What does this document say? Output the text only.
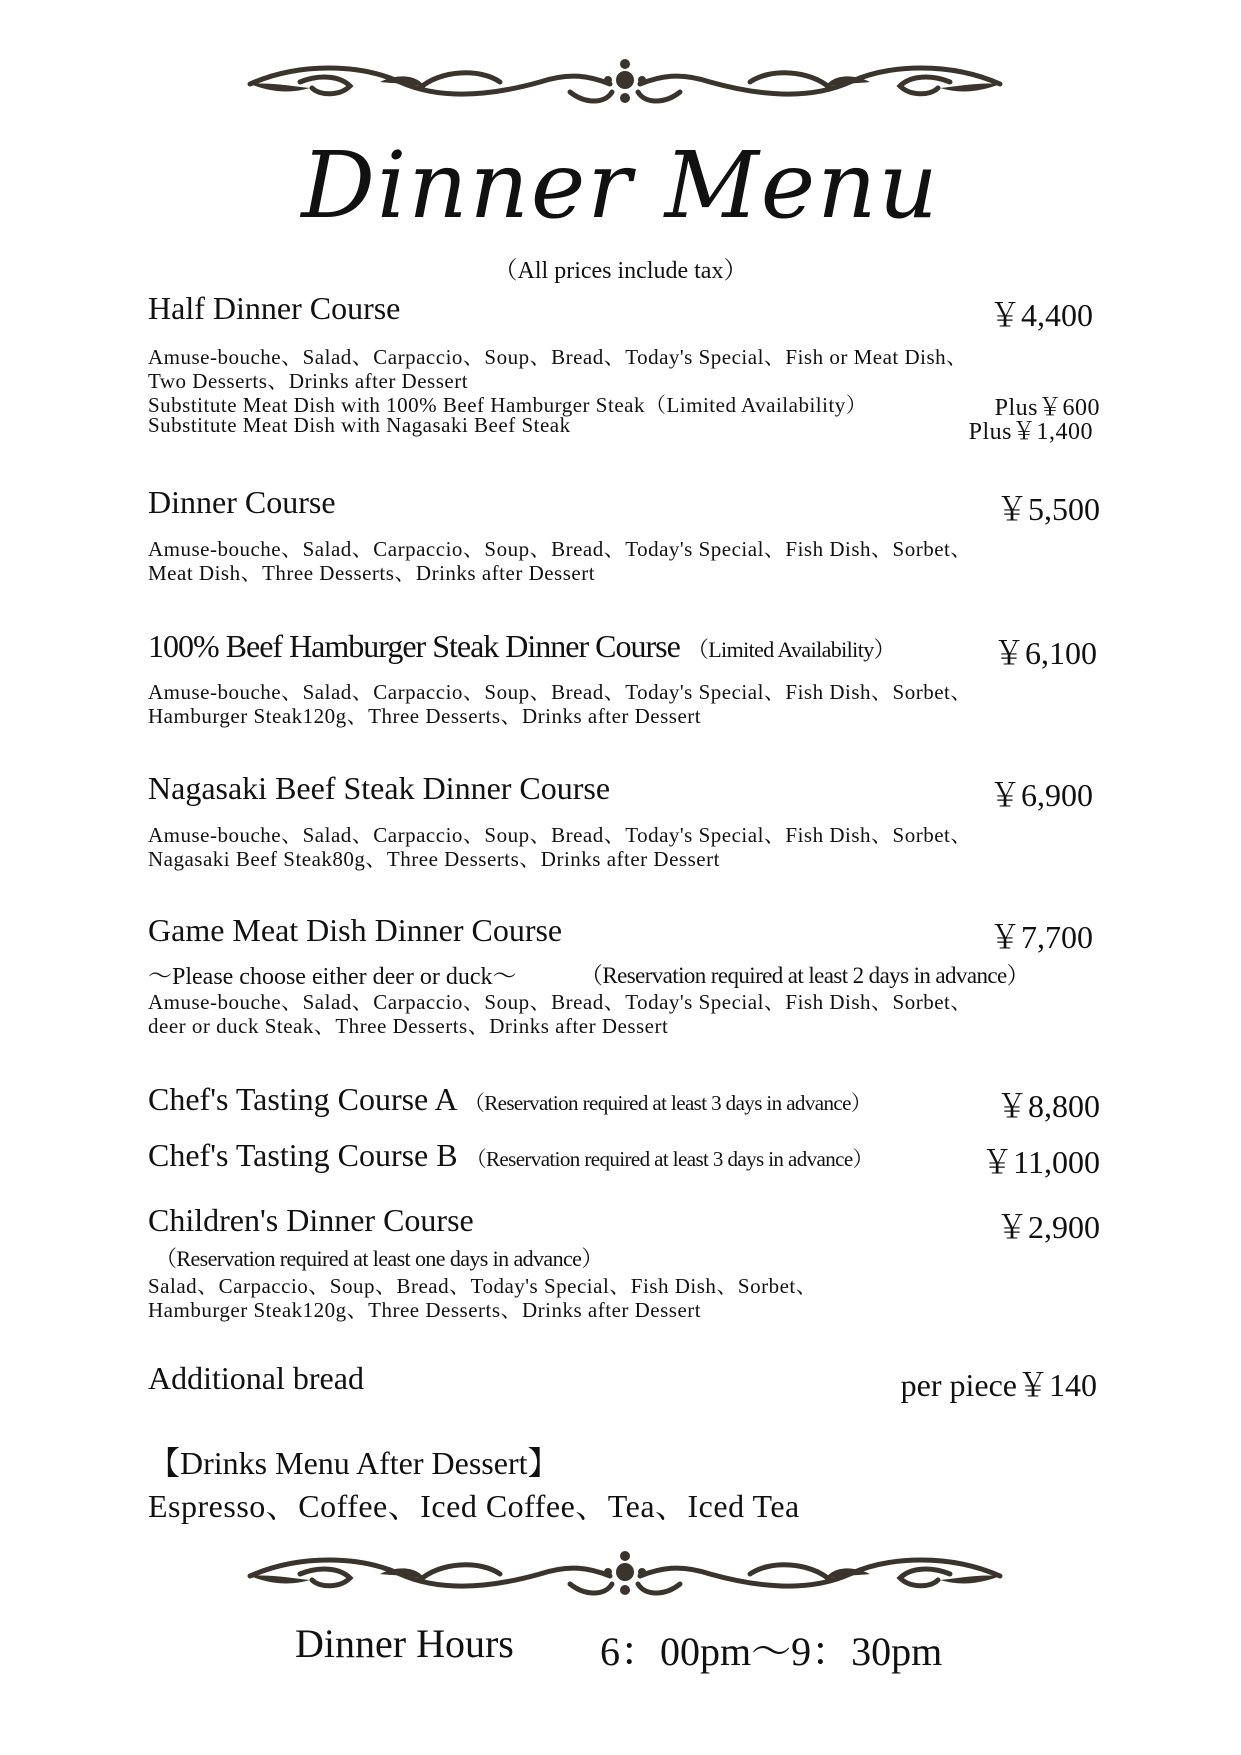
Dinner Menu
（All prices include tax）
Half Dinner Course	￥4,400
Amuse-bouche、Salad、Carpaccio、Soup、Bread、Today's Special、Fish or Meat Dish、
Two Desserts、Drinks after Dessert
Substitute Meat Dish with 100% Beef Hamburger Steak（Limited Availability）	Plus￥600
Substitute Meat Dish with Nagasaki Beef Steak	Plus￥1,400
Dinner Course	￥5,500
Amuse-bouche、Salad、Carpaccio、Soup、Bread、Today's Special、Fish Dish、Sorbet、
Meat Dish、Three Desserts、Drinks after Dessert
100% Beef Hamburger Steak Dinner Course （Limited Availability）	￥6,100
Amuse-bouche、Salad、Carpaccio、Soup、Bread、Today's Special、Fish Dish、Sorbet、
Hamburger Steak120g、Three Desserts、Drinks after Dessert
Nagasaki Beef Steak Dinner Course	￥6,900
Amuse-bouche、Salad、Carpaccio、Soup、Bread、Today's Special、Fish Dish、Sorbet、
Nagasaki Beef Steak80g、Three Desserts、Drinks after Dessert
Game Meat Dish Dinner Course	￥7,700
～Please choose either deer or duck～	（Reservation required at least 2 days in advance）
Amuse-bouche、Salad、Carpaccio、Soup、Bread、Today's Special、Fish Dish、Sorbet、
deer or duck Steak、Three Desserts、Drinks after Dessert
Chef's Tasting Course A （Reservation required at least 3 days in advance）	￥8,800
Chef's Tasting Course B （Reservation required at least 3 days in advance）	￥11,000
Children's Dinner Course	￥2,900
（Reservation required at least one days in advance）
Salad、Carpaccio、Soup、Bread、Today's Special、Fish Dish、Sorbet、
Hamburger Steak120g、Three Desserts、Drinks after Dessert
Additional bread	per piece￥140
【Drinks Menu After Dessert】
Espresso、Coffee、Iced Coffee、Tea、Iced Tea
Dinner Hours 6：00pm～9：30pm
